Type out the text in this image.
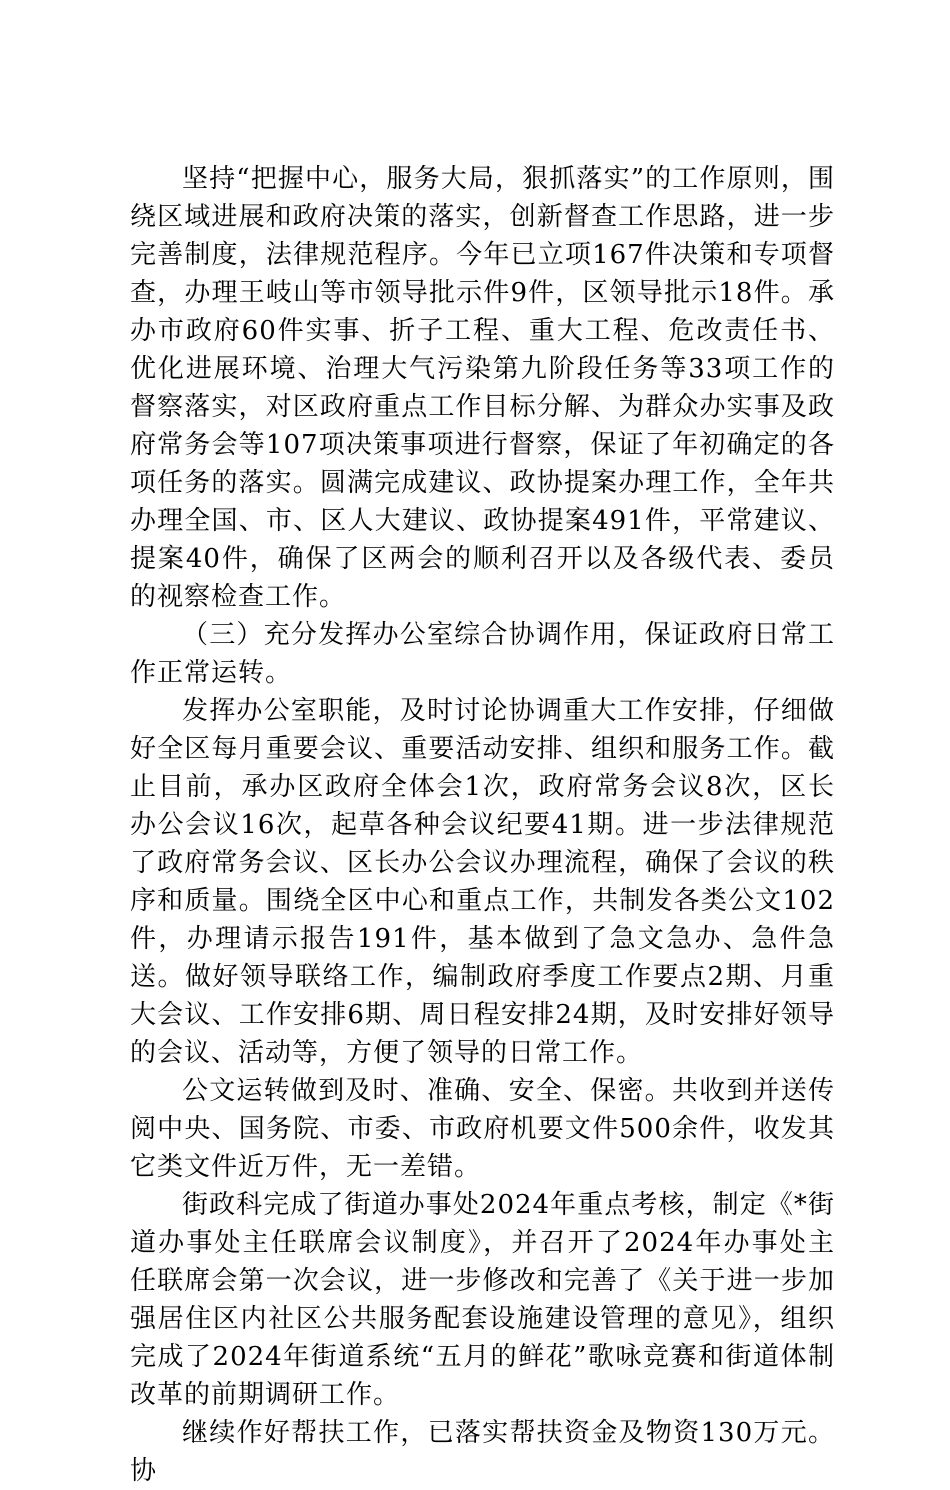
坚持“把握中心，服务大局，狠抓落实”的工作原则，围绕区域进展和政府决策的落实，创新督查工作思路，进一步完善制度，法律规范程序。今年已立项167件决策和专项督查，办理王岐山等市领导批示件9件，区领导批示18件。承办市政府60件实事、折子工程、重大工程、危改责任书、优化进展环境、治理大气污染第九阶段任务等33项工作的督察落实，对区政府重点工作目标分解、为群众办实事及政府常务会等107项决策事项进行督察，保证了年初确定的各项任务的落实。圆满完成建议、政协提案办理工作，全年共办理全国、市、区人大建议、政协提案491件，平常建议、提案40件，确保了区两会的顺利召开以及各级代表、委员的视察检查工作。

（三）充分发挥办公室综合协调作用，保证政府日常工作正常运转。

发挥办公室职能，及时讨论协调重大工作安排，仔细做好全区每月重要会议、重要活动安排、组织和服务工作。截止目前，承办区政府全体会1次，政府常务会议8次，区长办公会议16次，起草各种会议纪要41期。进一步法律规范了政府常务会议、区长办公会议办理流程，确保了会议的秩序和质量。围绕全区中心和重点工作，共制发各类公文102件，办理请示报告191件，基本做到了急文急办、急件急送。做好领导联络工作，编制政府季度工作要点2期、月重大会议、工作安排6期、周日程安排24期，及时安排好领导的会议、活动等，方便了领导的日常工作。

公文运转做到及时、准确、安全、保密。共收到并送传阅中央、国务院、市委、市政府机要文件500余件，收发其它类文件近万件，无一差错。

街政科完成了街道办事处2024年重点考核，制定《*街道办事处主任联席会议制度》，并召开了2024年办事处主任联席会第一次会议，进一步修改和完善了《关于进一步加强居住区内社区公共服务配套设施建设管理的意见》，组织完成了2024年街道系统“五月的鲜花”歌咏竞赛和街道体制改革的前期调研工作。

继续作好帮扶工作，已落实帮扶资金及物资130万元。协
